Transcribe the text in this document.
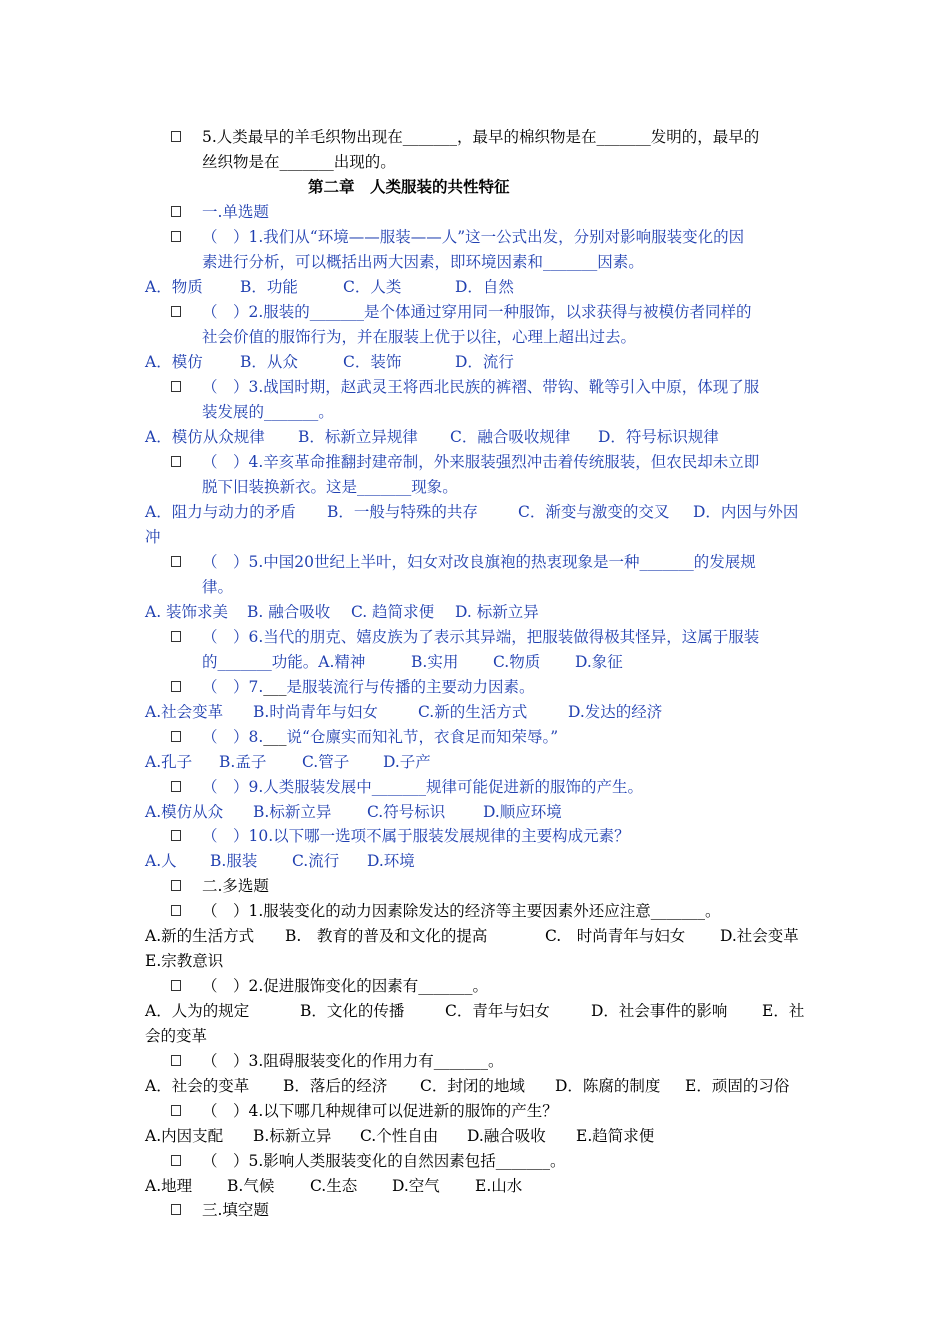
5.人类最早的羊毛织物出现在_______，最早的棉织物是在_______发明的，最早的
丝织物是在_______出现的。
第二章　人类服装的共性特征
一.单选题
（　）1.我们从“环境——服装——人”这一公式出发，分别对影响服装变化的因
素进行分析，可以概括出两大因素，即环境因素和_______因素。
A．物质 B．功能	C．人类	D．自然
（　）2.服装的_______是个体通过穿用同一种服饰，以求获得与被模仿者同样的
社会价值的服饰行为，并在服装上优于以往，心理上超出过去。
A．模仿 B．从众	C．装饰	D．流行
（　）3.战国时期，赵武灵王将西北民族的裤褶、带钩、靴等引入中原，体现了服
装发展的_______。
A．模仿从众规律 B．标新立异规律 C．融合吸收规律 D．符号标识规律
（　）4.辛亥革命推翻封建帝制，外来服装强烈冲击着传统服装，但农民却未立即
脱下旧装换新衣。这是_______现象。
A．阻力与动力的矛盾 B．一般与特殊的共存	C．渐变与激变的交叉 D．内因与外因
冲
（　）5.中国20世纪上半叶，妇女对改良旗袍的热衷现象是一种_______的发展规
律。
A. 装饰求美 B. 融合吸收 C. 趋简求便 D. 标新立异
（　）6.当代的朋克、嬉皮族为了表示其异端，把服装做得极其怪异，这属于服装
的_______功能。A.精神	B.实用 C.物质 D.象征
（　）7.___是服装流行与传播的主要动力因素。
A.社会变革 B.时尚青年与妇女	C.新的生活方式	D.发达的经济
（　）8.___说“仓廪实而知礼节，衣食足而知荣辱。”
A.孔子 B.孟子 C.管子 D.子产
（　）9.人类服装发展中_______规律可能促进新的服饰的产生。
A.模仿从众 B.标新立异 C.符号标识 D.顺应环境
（　）10.以下哪一选项不属于服装发展规律的主要构成元素？
A.人 B.服装 C.流行 D.环境
二.多选题
（　）1.服装变化的动力因素除发达的经济等主要因素外还应注意_______。
A.新的生活方式 B.　教育的普及和文化的提高	C.　时尚青年与妇女 D.社会变革
E.宗教意识
（　）2.促进服饰变化的因素有_______。
A．人为的规定	B．文化的传播	C．青年与妇女	D．社会事件的影响 E．社
会的变革
（　）3.阻碍服装变化的作用力有_______。
A．社会的变革 B．落后的经济 C．封闭的地域 D．陈腐的制度 E．顽固的习俗
（　）4.以下哪几种规律可以促进新的服饰的产生？
A.内因支配 B.标新立异 C.个性自由 D.融合吸收 E.趋简求便
（　）5.影响人类服装变化的自然因素包括_______。
A.地理 B.气候 C.生态 D.空气 E.山水
三.填空题
